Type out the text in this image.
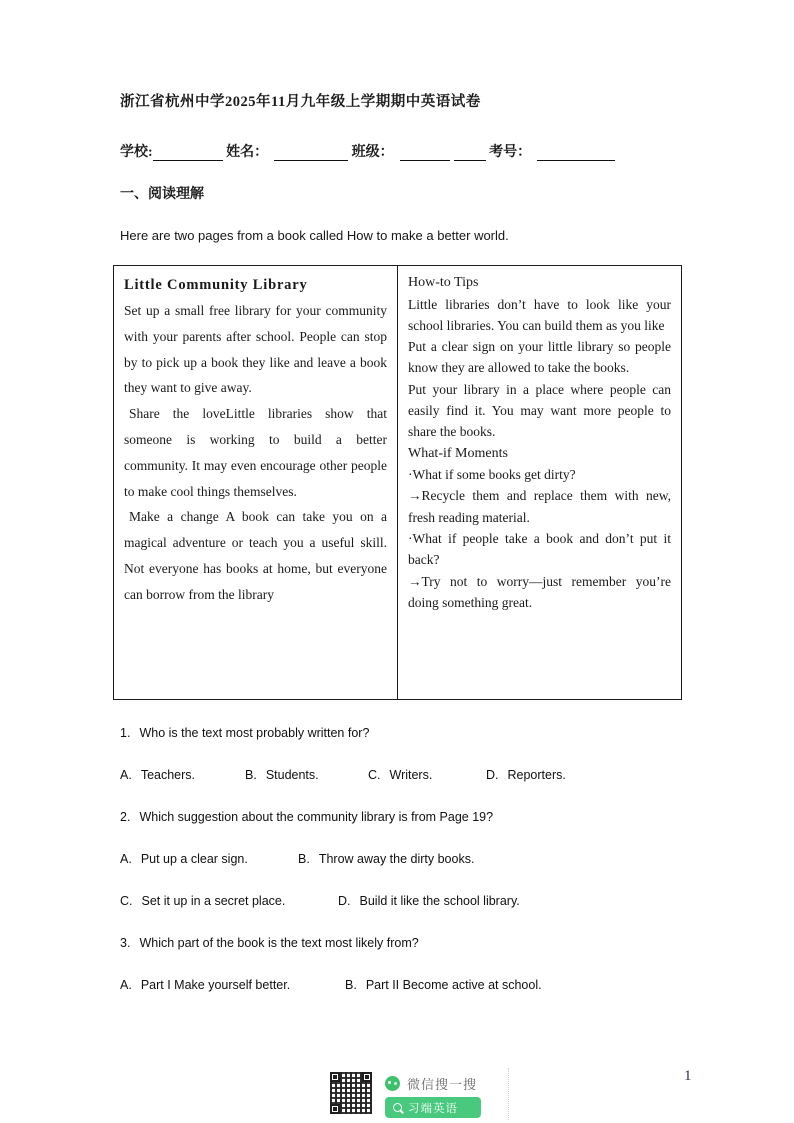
浙江省杭州中学2025年11月九年级上学期期中英语试卷
学校:	姓名：	班级：	考号：
一、阅读理解
Here are two pages from a book called How to make a better world.
Little Community Library

Set up a small free library for your community with your parents after school. People can stop by to pick up a book they like and leave a book they want to give away.

Share the loveLittle libraries show that someone is working to build a better community. It may even encourage other people to make cool things themselves.

Make a change A book can take you on a magical adventure or teach you a useful skill. Not everyone has books at home, but everyone can borrow from the library

How-to Tips

Little libraries don’t have to look like your school libraries. You can build them as you like

Put a clear sign on your little library so people know they are allowed to take the books.

Put your library in a place where people can easily find it. You may want more people to share the books.

What-if Moments

·What if some books get dirty?

→Recycle them and replace them with new, fresh reading material.

·What if people take a book and don’t put it back?

→Try not to worry—just remember you’re doing something great.

1. Who is the text most probably written for?
A. Teachers.	B. Students.	C. Writers.	D. Reporters.
2. Which suggestion about the community library is from Page 19?
A. Put up a clear sign.	B. Throw away the dirty books.
C. Set it up in a secret place.	D. Build it like the school library.
3. Which part of the book is the text most likely from?
A. Part I Make yourself better.	B. Part II Become active at school.
微信搜一搜
习端英语
1
